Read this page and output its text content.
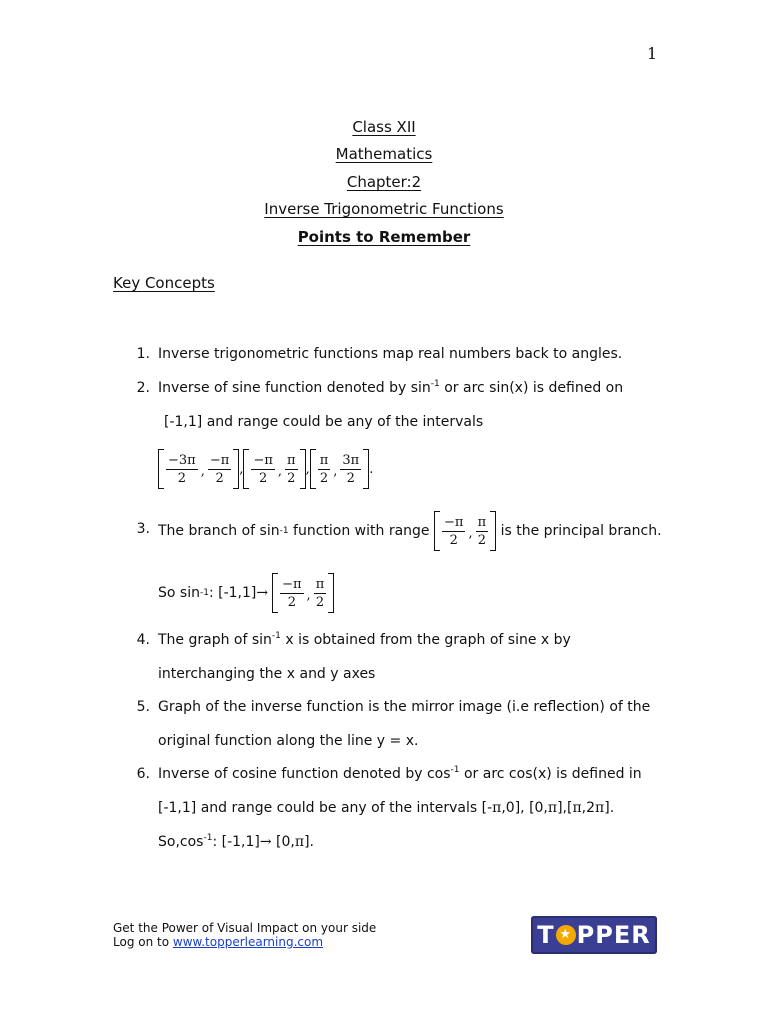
1
Class XII
Mathematics
Chapter:2
Inverse Trigonometric Functions
Points to Remember
Key Concepts
1. Inverse trigonometric functions map real numbers back to angles.
2. Inverse of sine function denoted by $\sin^{-1}$ or arc sin(x) is defined on
[-1,1] and range could be any of the intervals
$\frac{-3\pi}{2}$ , $\frac{-\pi}{2}$ , $\frac{-\pi}{2}$ , $\frac{\pi}{2}$ , $\frac{\pi}{2}$ , $\frac{3\pi}{2}$ .
3. The branch of sin -1 function with range $\frac{-\pi}{2}$ , $\frac{\pi}{2}$ is the principal branch.
So sin -1 : $[-1,1] \to \frac{-\pi}{2}$ , $\frac{\pi}{2}$
4. The graph of $\sin^{-1} x$ is obtained from the graph of sine x by
interchanging the x and y axes
5. Graph of the inverse function is the mirror image (i.e reflection) of the
original function along the line y = x.
6. Inverse of cosine function denoted by $\cos^{-1}$ or arc cos(x) is defined in
[-1,1] and range could be any of the intervals [-π,0], [0,π],[π,2π].
$So,\cos^{-1}$: [-1,1]→ [0,π].
Get the Power of Visual Impact on your side
Log on to www.topperlearning.com	T ★ PPER
